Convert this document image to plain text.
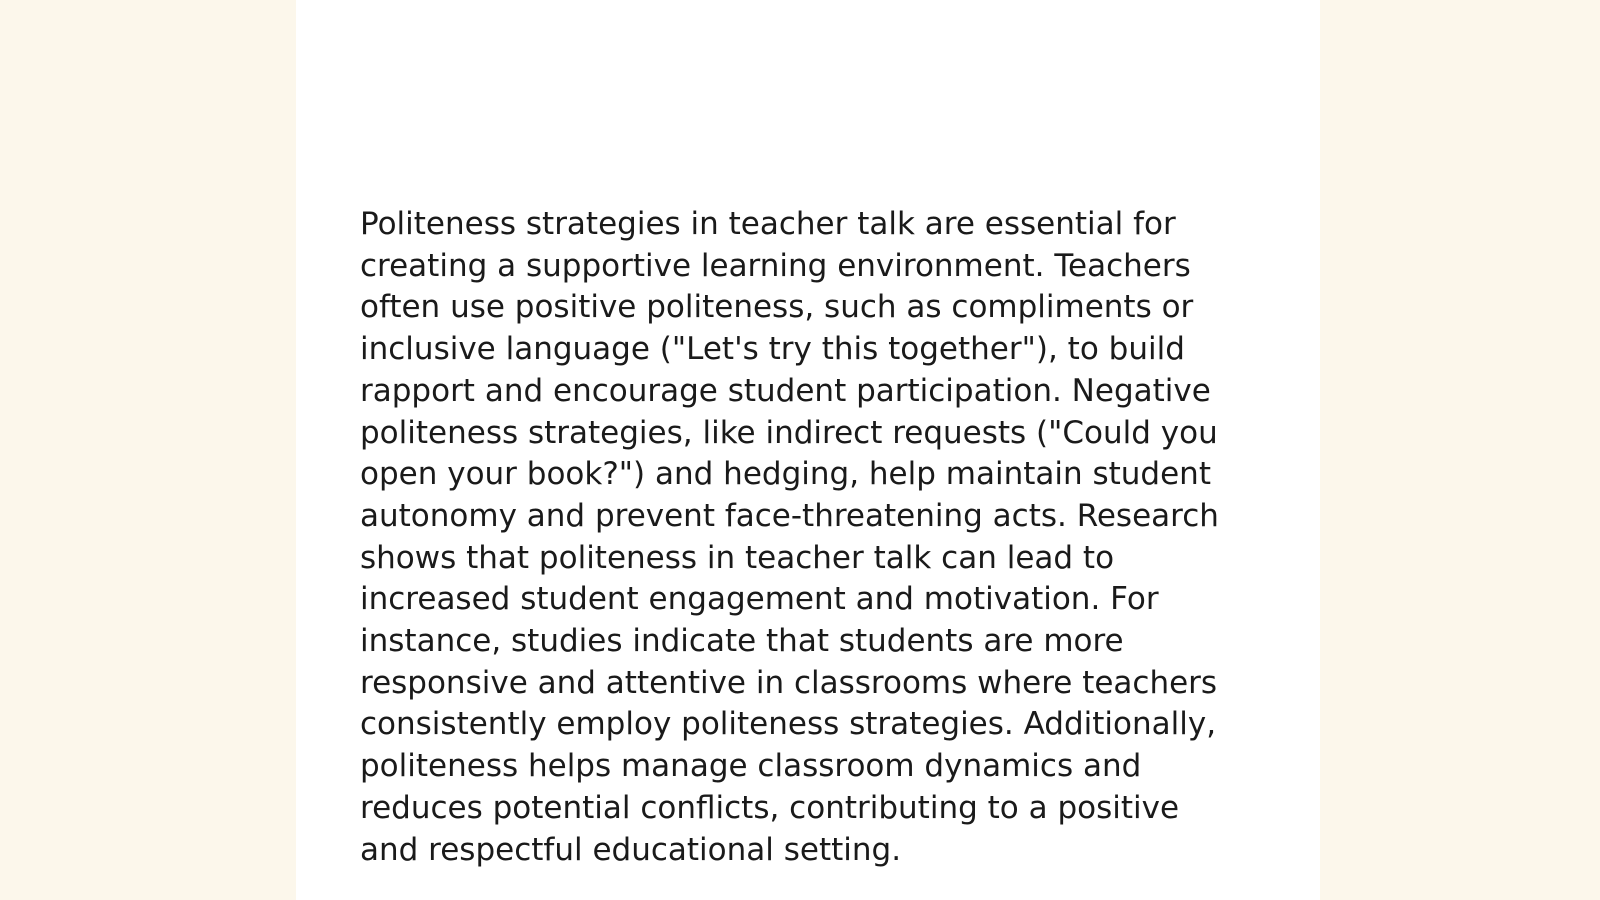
Politeness strategies in teacher talk are essential for creating a supportive learning environment. Teachers often use positive politeness, such as compliments or inclusive language ("Let's try this together"), to build rapport and encourage student participation. Negative politeness strategies, like indirect requests ("Could you open your book?") and hedging, help maintain student autonomy and prevent face-threatening acts. Research shows that politeness in teacher talk can lead to increased student engagement and motivation. For instance, studies indicate that students are more responsive and attentive in classrooms where teachers consistently employ politeness strategies. Additionally, politeness helps manage classroom dynamics and reduces potential conflicts, contributing to a positive and respectful educational setting.
